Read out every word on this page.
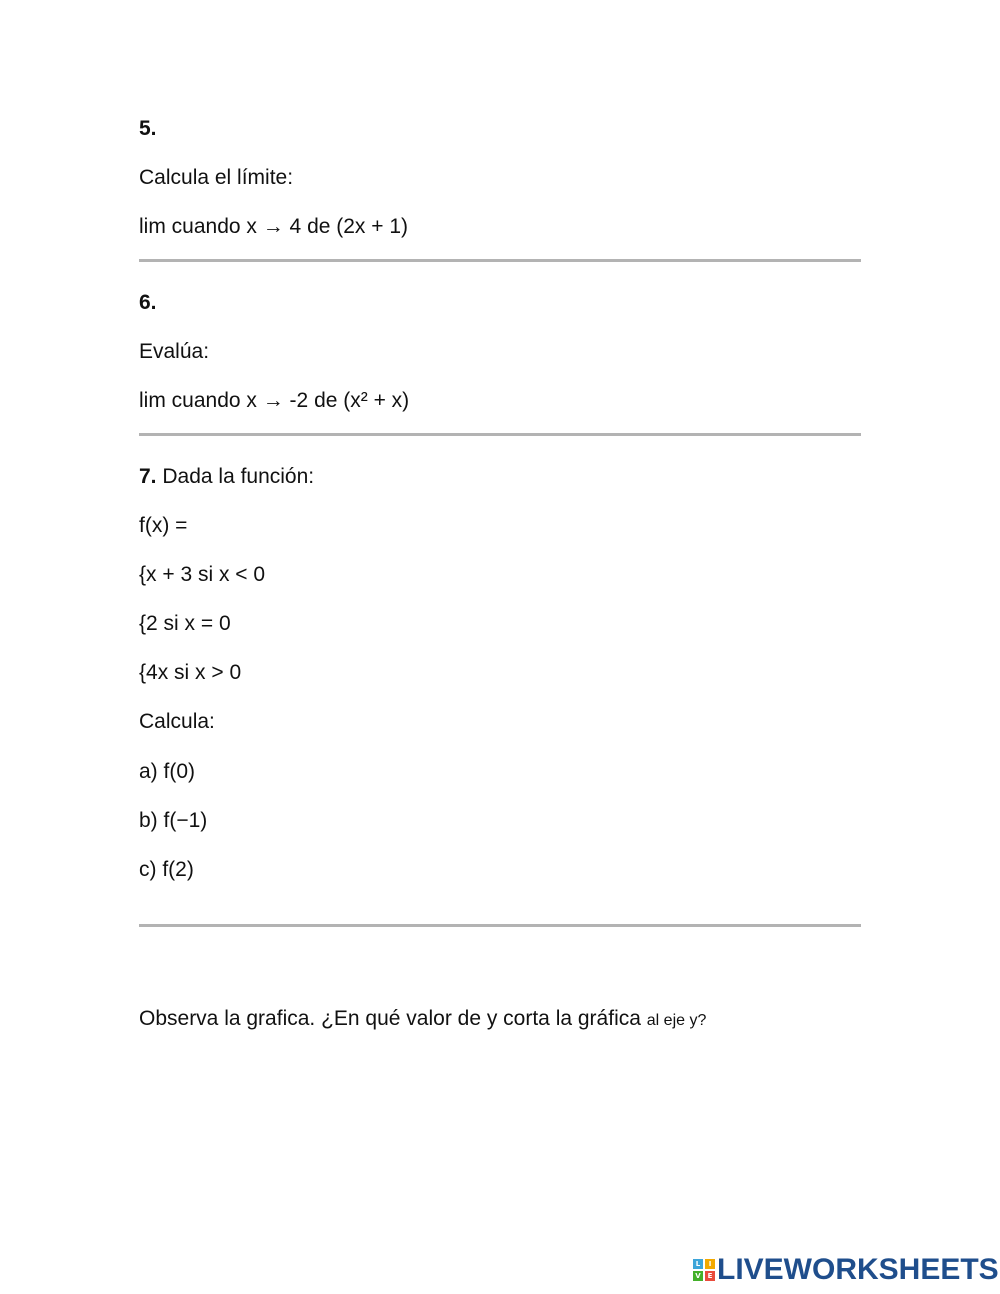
5.
Calcula el límite:
lim cuando x → 4 de (2x + 1)
6.
Evalúa:
lim cuando x → -2 de (x² + x)
7. Dada la función:
f(x) =
{x + 3 si x < 0
{2 si x = 0
{4x si x > 0
Calcula:
a) f(0)
b) f(−1)
c) f(2)
Observa la grafica. ¿En qué valor de y corta la gráfica al eje y?
L	I
V E LIVEWORKSHEETS
